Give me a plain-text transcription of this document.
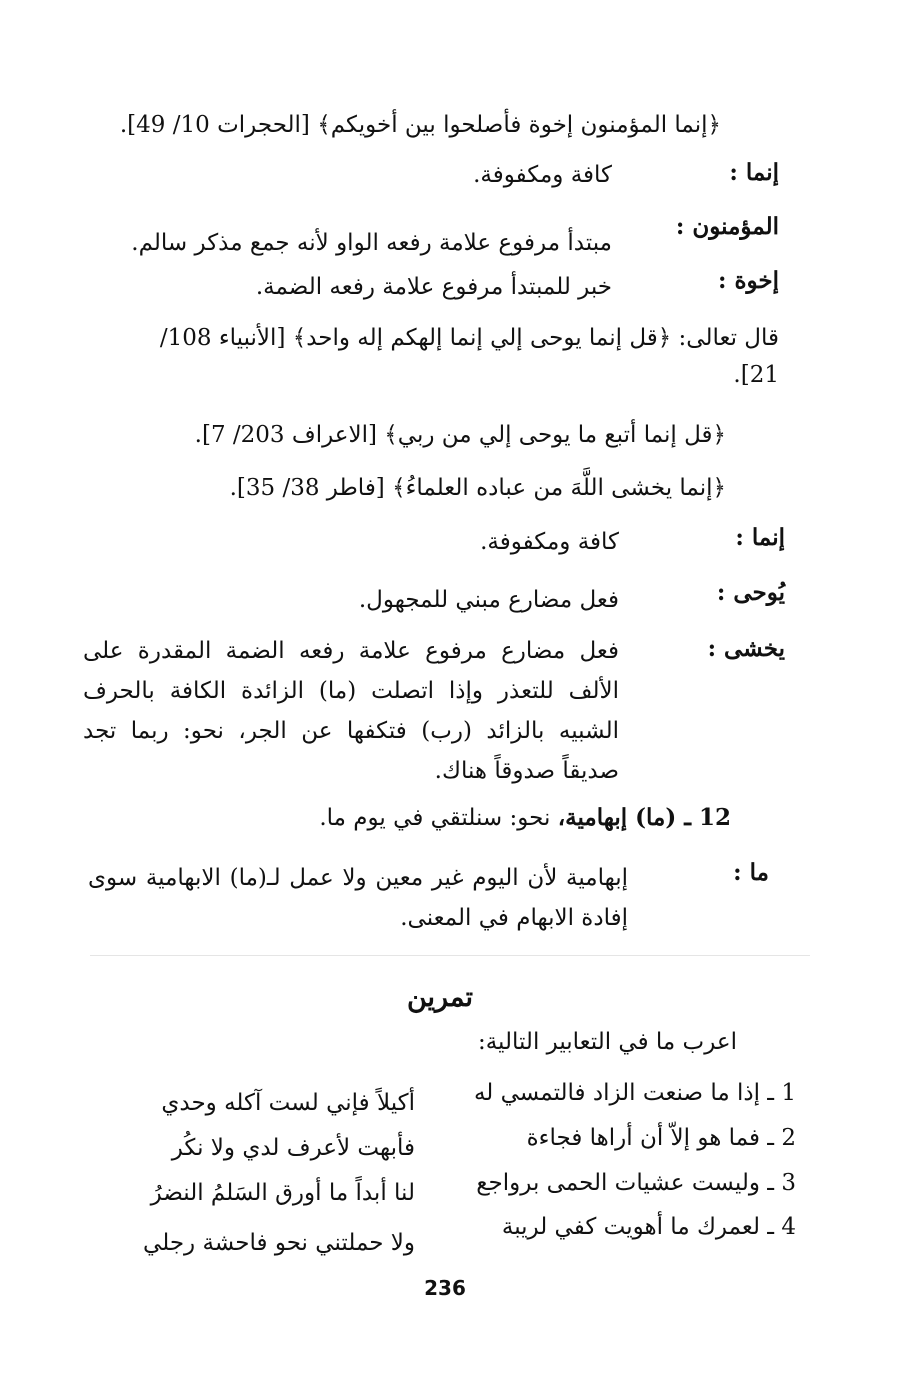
﴿إنما المؤمنون إخوة فأصلحوا بين أخويكم﴾ [الحجرات 10/ 49].
إنما :
كافة ومكفوفة.
المؤمنون :
مبتدأ مرفوع علامة رفعه الواو لأنه جمع مذكر سالم.
إخوة :
خبر للمبتدأ مرفوع علامة رفعه الضمة.
قال تعالى: ﴿قل إنما يوحى إلي إنما إلهكم إله واحد﴾ [الأنبياء 108/
21].
﴿قل إنما أتبع ما يوحى إلي من ربي﴾ [الاعراف 203/ 7].
﴿إنما يخشى اللَّهَ من عباده العلماءُ﴾ [فاطر 38/ 35].
إنما :
كافة ومكفوفة.
يُوحى :
فعل مضارع مبني للمجهول.
يخشى :
فعل مضارع مرفوع علامة رفعه الضمة المقدرة على الألف للتعذر وإذا اتصلت (ما) الزائدة الكافة بالحرف الشبيه بالزائد (رب) فتكفها عن الجر، نحو: ربما تجد صديقاً صدوقاً هناك.
12 ـ (ما) إبهامية، نحو: سنلتقي في يوم ما.
ما :
إبهامية لأن اليوم غير معين ولا عمل لـ(ما) الابهامية سوى إفادة الابهام في المعنى.
تمرين
اعرب ما في التعابير التالية:
1 ـ إذا ما صنعت الزاد فالتمسي له
أكيلاً فإني لست آكله وحدي
2 ـ فما هو إلاّ أن أراها فجاءة
فأبهت لأعرف لدي ولا نكُر
3 ـ وليست عشيات الحمى برواجع
لنا أبداً ما أورق السَلمُ النضرُ
4 ـ لعمرك ما أهويت كفي لريبة
ولا حملتني نحو فاحشة رجلي
236
